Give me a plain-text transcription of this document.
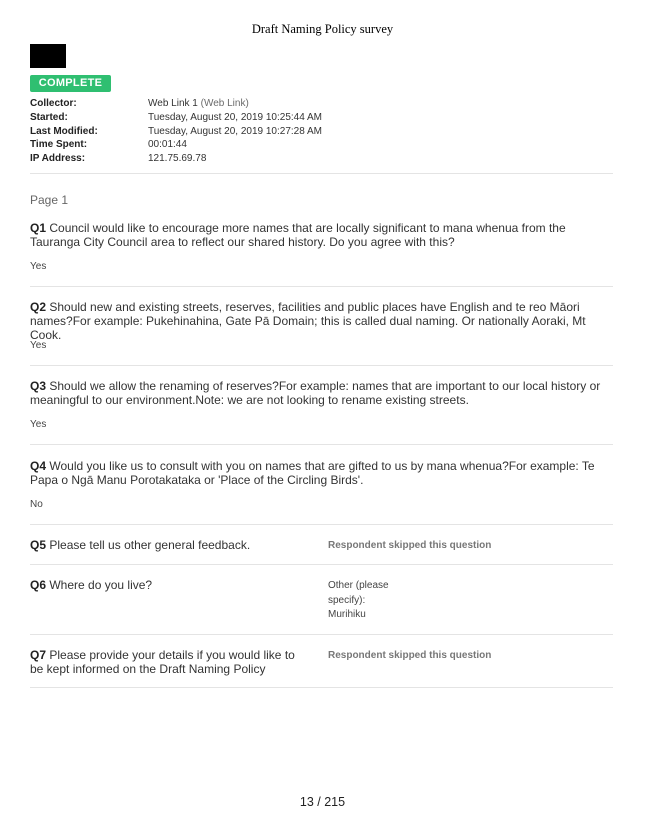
Draft Naming Policy survey
COMPLETE
Collector:	Web Link 1 (Web Link)
Started:	Tuesday, August 20, 2019 10:25:44 AM
Last Modified:	Tuesday, August 20, 2019 10:27:28 AM
Time Spent:	00:01:44
IP Address:	121.75.69.78
Page 1
Q1 Council would like to encourage more names that are locally significant to mana whenua from the Tauranga City Council area to reflect our shared history. Do you agree with this?
Yes
Q2 Should new and existing streets, reserves, facilities and public places have English and te reo Māori names?For example: Pukehinahina, Gate Pā Domain; this is called dual naming. Or nationally Aoraki, Mt Cook.
Yes
Q3 Should we allow the renaming of reserves?For example: names that are important to our local history or meaningful to our environment.Note: we are not looking to rename existing streets.
Yes
Q4 Would you like us to consult with you on names that are gifted to us by mana whenua?For example: Te Papa o Ngā Manu Porotakataka or 'Place of the Circling Birds'.
No
Q5 Please tell us other general feedback.	Respondent skipped this question
Q6 Where do you live?	Other (please
specify):
Murihiku
Q7 Please provide your details if you would like to be kept informed on the Draft Naming Policy
Respondent skipped this question
13 / 215
